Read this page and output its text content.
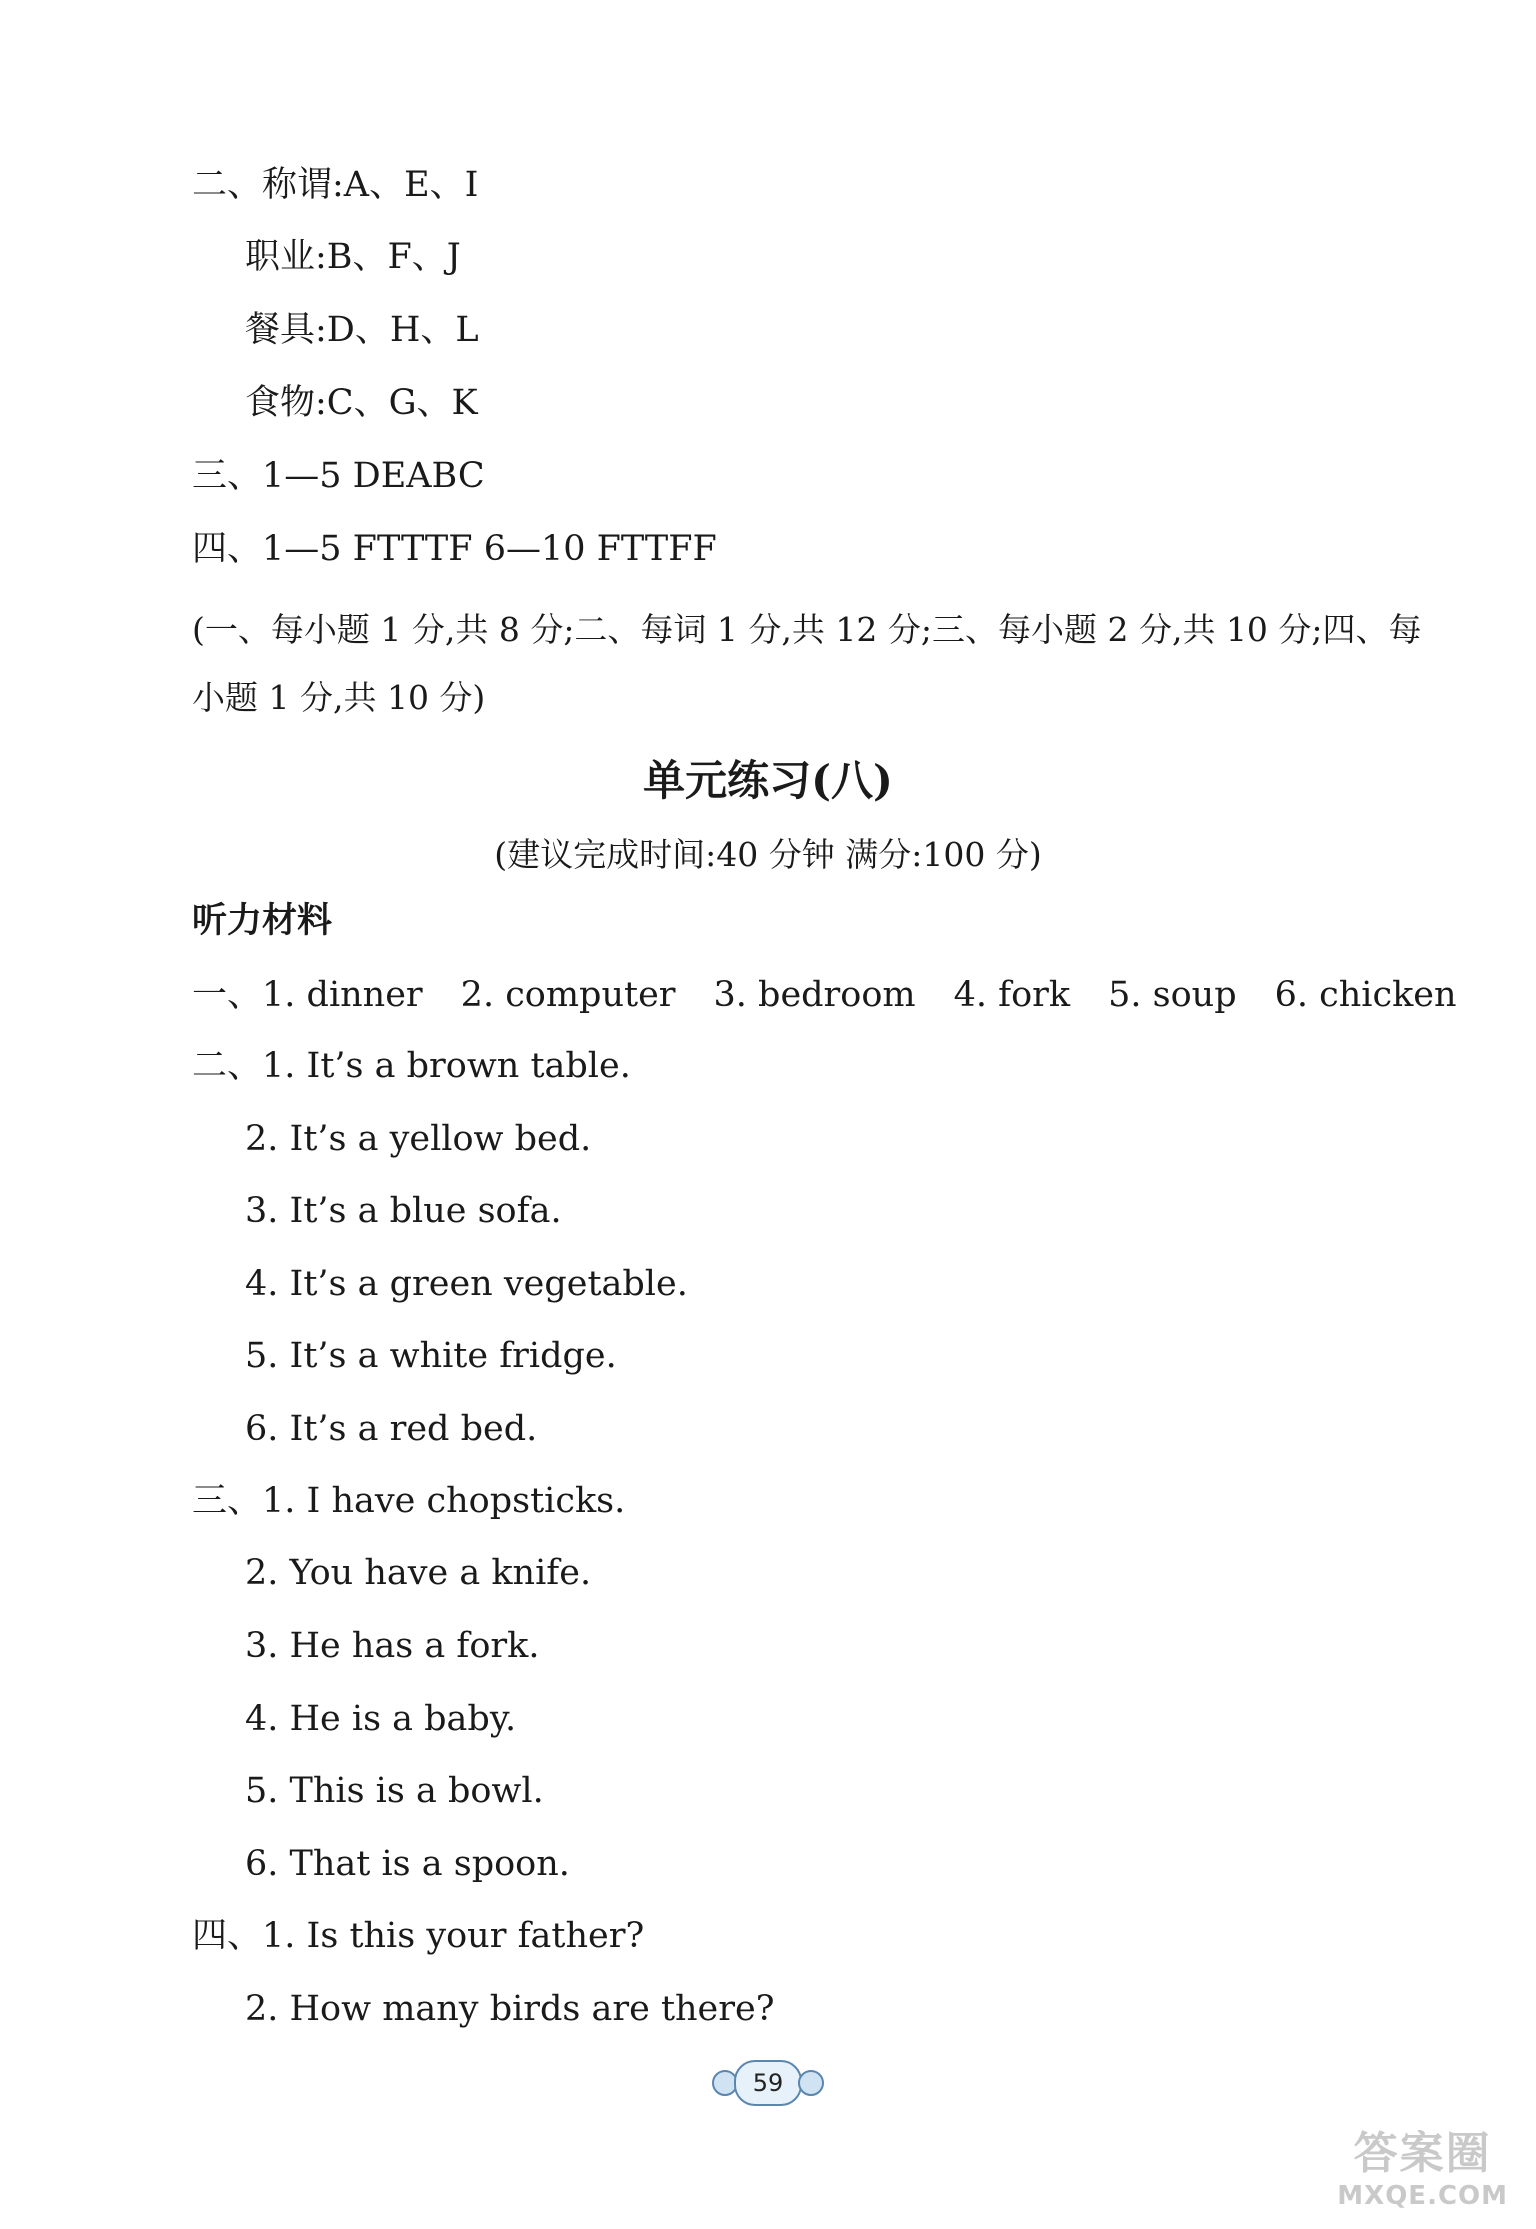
二、称谓:A、E、I
职业:B、F、J
餐具:D、H、L
食物:C、G、K
三、1—5 DEABC
四、1—5 FTTTF 6—10 FTTFF
(一、每小题 1 分,共 8 分;二、每词 1 分,共 12 分;三、每小题 2 分,共 10 分;四、每
小题 1 分,共 10 分)
单元练习(八)
(建议完成时间:40 分钟 满分:100 分)
听力材料
一、1. dinner 2. computer 3. bedroom 4. fork 5. soup 6. chicken
二、1. It’s a brown table.
2. It’s a yellow bed.
3. It’s a blue sofa.
4. It’s a green vegetable.
5. It’s a white fridge.
6. It’s a red bed.
三、1. I have chopsticks.
2. You have a knife.
3. He has a fork.
4. He is a baby.
5. This is a bowl.
6. That is a spoon.
四、1. Is this your father?
2. How many birds are there?
59
答案圈
MXQE.COM
